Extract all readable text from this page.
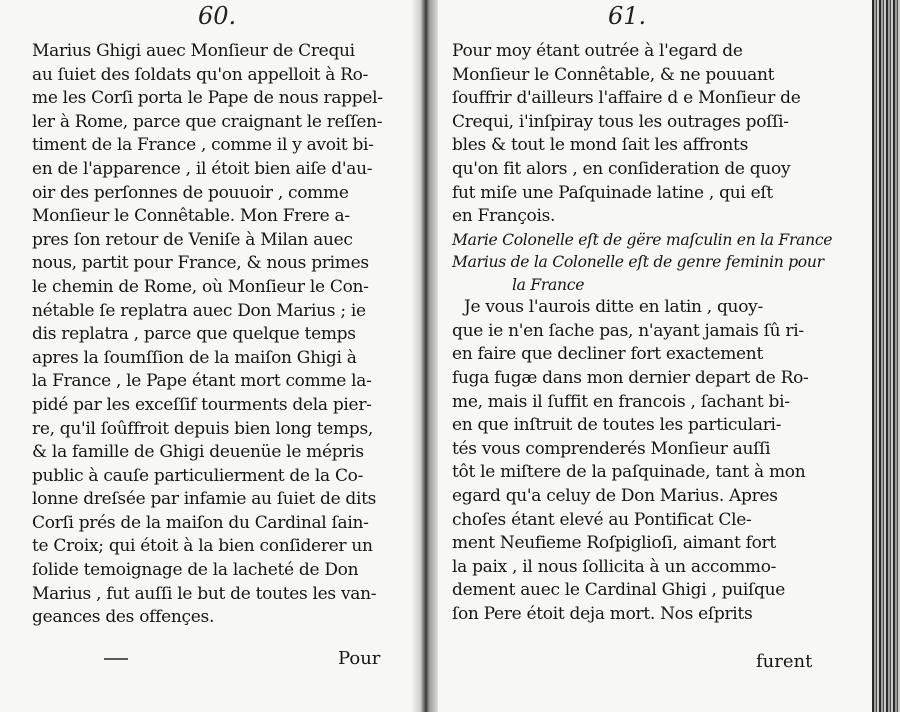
60.
Marius Ghigi auec Monſieur de Crequi
au ſuiet des ſoldats qu'on appelloit à Ro-
me les Corſi porta le Pape de nous rappel-
ler à Rome, parce que craignant le reſſen-
timent de la France , comme il y avoit bi-
en de l'apparence , il étoit bien aiſe d'au-
oir des perſonnes de pouuoir , comme
Monſieur le Connêtable. Mon Frere a-
pres ſon retour de Veniſe à Milan auec
nous, partit pour France, & nous primes
le chemin de Rome, où Monſieur le Con-
nétable ſe replatra auec Don Marius ; ie
dis replatra , parce que quelque temps
apres la ſoumſſion de la maiſon Ghigi à
la France , le Pape étant mort comme la-
pidé par les exceſſif tourments dela pier-
re, qu'il ſoûffroit depuis bien long temps,
& la famille de Ghigi deuenüe le mépris
public à cauſe particulierment de la Co-
lonne dreſsée par infamie au ſuiet de dits
Corſi prés de la maiſon du Cardinal ſain-
te Croix; qui étoit à la bien conſiderer un
ſolide temoignage de la lacheté de Don
Marius , fut auſſi le but de toutes les van-
geances des offençes.
Pour
61.
Pour moy étant outrée à l'egard de
Monſieur le Connêtable, & ne pouuant
ſouffrir d'ailleurs l'affaire d e Monſieur de
Crequi, i'inſpiray tous les outrages poſſi-
bles & tout le mond ſait les affronts
qu'on fit alors , en conſideration de quoy
fut miſe une Paſquinade latine , qui eſt
en François.
Marie Colonelle eſt de gëre maſculin en la France
Marius de la Colonelle eſt de genre feminin pour
la France
Je vous l'aurois ditte en latin , quoy-
que ie n'en ſache pas, n'ayant jamais ſû ri-
en faire que decliner fort exactement
fuga fugæ dans mon dernier depart de Ro-
me, mais il ſuffit en francois , ſachant bi-
en que inſtruit de toutes les particulari-
tés vous comprenderés Monſieur auſſi
tôt le miſtere de la paſquinade, tant à mon
egard qu'a celuy de Don Marius. Apres
choſes étant elevé au Pontificat Cle-
ment Neufieme Roſpiglioſi, aimant fort
la paix , il nous ſollicita à un accommo-
dement auec le Cardinal Ghigi , puiſque
ſon Pere étoit deja mort. Nos eſprits
furent
